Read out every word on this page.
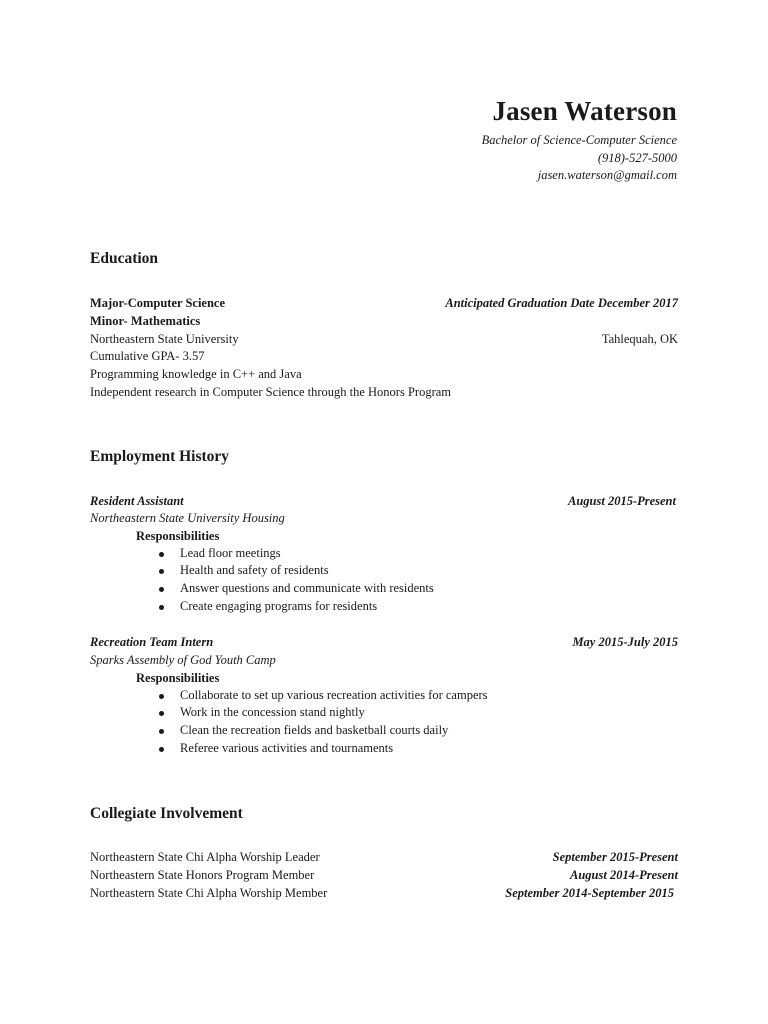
Jasen Waterson
Bachelor of Science-Computer Science
(918)-527-5000
jasen.waterson@gmail.com
Education
Major-Computer Science	Anticipated Graduation Date December 2017
Minor- Mathematics
Northeastern State University	Tahlequah, OK
Cumulative GPA- 3.57
Programming knowledge in C++ and Java
Independent research in Computer Science through the Honors Program
Employment History
Resident Assistant	August 2015-Present
Northeastern State University Housing
Responsibilities
Lead floor meetings
Health and safety of residents
Answer questions and communicate with residents
Create engaging programs for residents
Recreation Team Intern	May 2015-July 2015
Sparks Assembly of God Youth Camp
Responsibilities
Collaborate to set up various recreation activities for campers
Work in the concession stand nightly
Clean the recreation fields and basketball courts daily
Referee various activities and tournaments
Collegiate Involvement
Northeastern State Chi Alpha Worship Leader	September 2015-Present
Northeastern State Honors Program Member	August 2014-Present
Northeastern State Chi Alpha Worship Member	September 2014-September 2015
